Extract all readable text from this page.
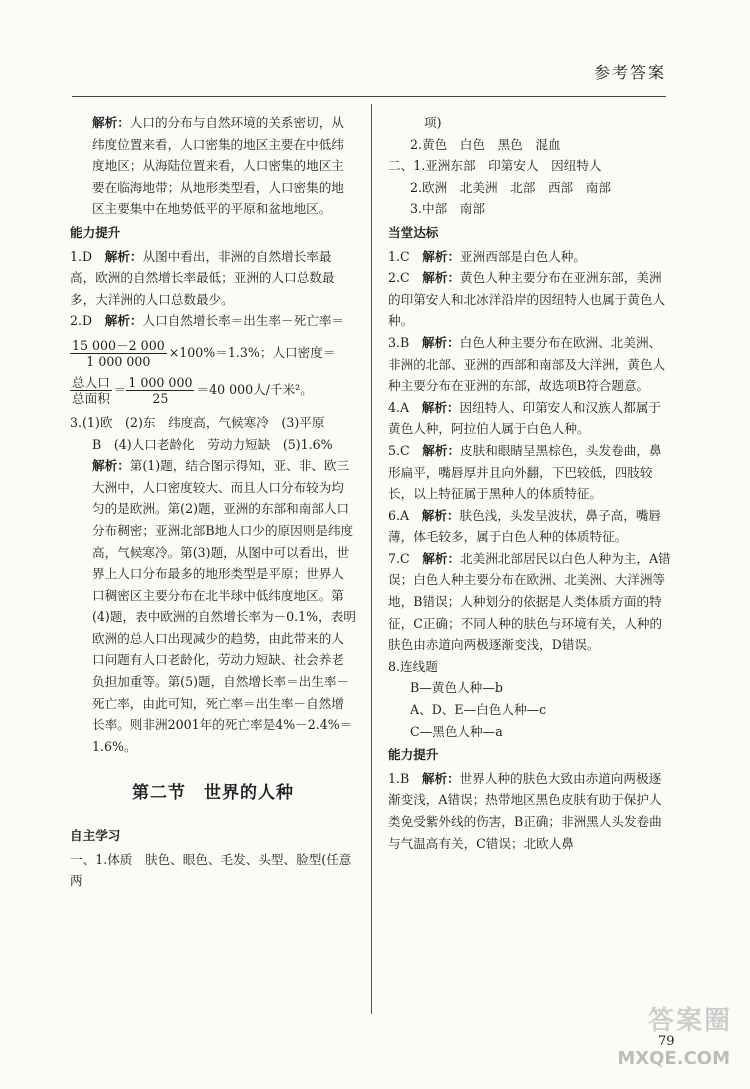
参考答案

解析：人口的分布与自然环境的关系密切，从纬度位置来看，人口密集的地区主要在中低纬度地区；从海陆位置来看，人口密集的地区主要在临海地带；从地形类型看，人口密集的地区主要集中在地势低平的平原和盆地地区。

能力提升

1.D　 解析：从图中看出，非洲的自然增长率最高，欧洲的自然增长率最低；亚洲的人口总数最多，大洋洲的人口总数最少。

2.D　 解析：人口自然增长率＝出生率－死亡率＝

$\frac{15 000-2 000}{1 000 000} \times 100\%=1.3\%$；人口密度＝

$\frac{\text{总人口}}{\text{总面积}} = \frac{1 000 000}{25} =40$ 000人/千米²。

3.(1)欧　(2)东　纬度高，气候寒冷　(3)平原

B　(4)人口老龄化　劳动力短缺　(5)1.6%

解析：第(1)题，结合图示得知，亚、非、欧三大洲中，人口密度较大、而且人口分布较为均匀的是欧洲。第(2)题，亚洲的东部和南部人口分布稠密；亚洲北部B地人口少的原因则是纬度高，气候寒冷。第(3)题，从图中可以看出，世界上人口分布最多的地形类型是平原；世界人口稠密区主要分布在北半球中低纬度地区。第(4)题，表中欧洲的自然增长率为－0.1%，表明欧洲的总人口出现减少的趋势，由此带来的人口问题有人口老龄化，劳动力短缺、社会养老负担加重等。第(5)题，自然增长率＝出生率－死亡率，由此可知，死亡率＝出生率－自然增长率。则非洲2001年的死亡率是4%－2.4%＝1.6%。

第二节　世界的人种

自主学习

一、1.体质　肤色、眼色、毛发、头型、脸型(任意两

项)

2.黄色　白色　黑色　混血

二、1.亚洲东部　印第安人　因纽特人

2.欧洲　北美洲　北部　西部　南部

3.中部　南部

当堂达标

1.C　 解析：亚洲西部是白色人种。

2.C　 解析：黄色人种主要分布在亚洲东部，美洲的印第安人和北冰洋沿岸的因纽特人也属于黄色人种。

3.B　 解析：白色人种主要分布在欧洲、北美洲、非洲的北部、亚洲的西部和南部及大洋洲，黄色人种主要分布在亚洲的东部，故选项B符合题意。

4.A　 解析：因纽特人、印第安人和汉族人都属于黄色人种，阿拉伯人属于白色人种。

5.C　 解析：皮肤和眼睛呈黑棕色，头发卷曲，鼻形扁平，嘴唇厚并且向外翻，下巴较低，四肢较长，以上特征属于黑种人的体质特征。

6.A　 解析：肤色浅，头发呈波状，鼻子高，嘴唇薄，体毛较多，属于白色人种的体质特征。

7.C　 解析：北美洲北部居民以白色人种为主，A错误；白色人种主要分布在欧洲、北美洲、大洋洲等地，B错误；人种划分的依据是人类体质方面的特征，C正确；不同人种的肤色与环境有关，人种的肤色由赤道向两极逐渐变浅，D错误。

8.连线题

B—黄色人种—b

A、D、E—白色人种—c

C—黑色人种—a

能力提升

1.B　 解析：世界人种的肤色大致由赤道向两极逐渐变浅，A错误；热带地区黑色皮肤有助于保护人类免受紫外线的伤害，B正确；非洲黑人头发卷曲与气温高有关，C错误；北欧人鼻

79
答案圈
MXQE.COM
